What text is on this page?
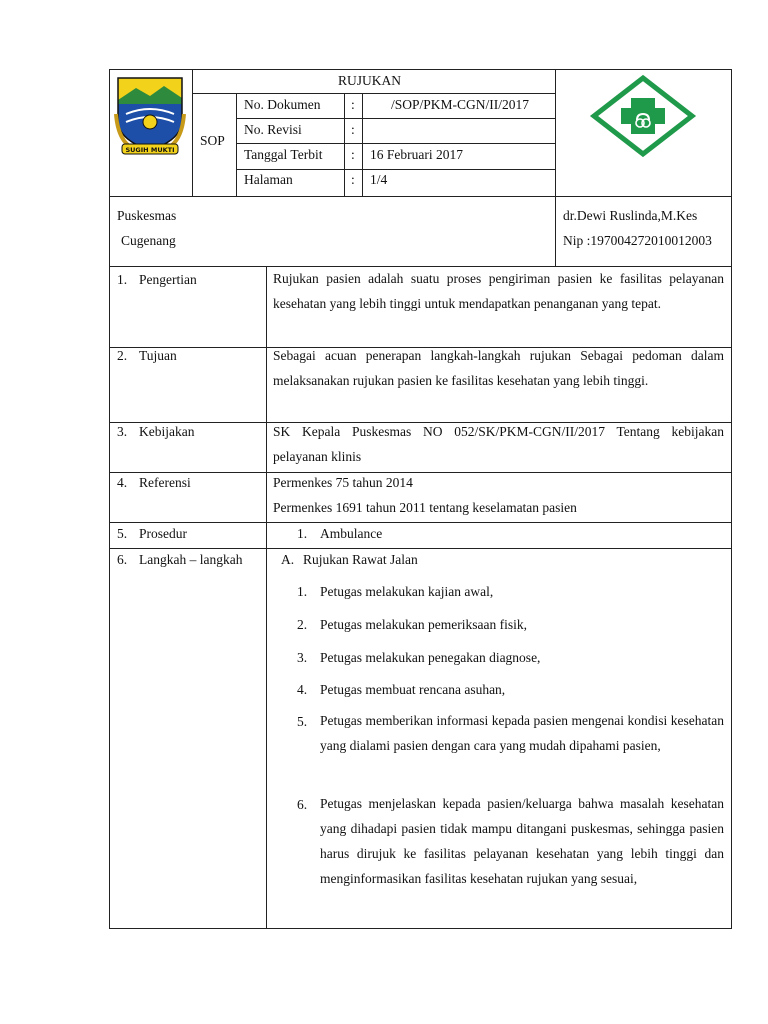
SUGIH MUKTI
RUJUKAN
SOP
No. Dokumen :	/SOP/PKM-CGN/II/2017
No. Revisi	:
Tanggal Terbit : 16 Februari 2017
Halaman	: 1/4
Puskesmas
Cugenang
dr.Dewi Ruslinda,M.Kes
Nip :197004272010012003
1. Pengertian	Rujukan pasien adalah suatu proses pengiriman pasien ke fasilitas pelayanan kesehatan yang lebih tinggi untuk mendapatkan penanganan yang tepat.
2. Tujuan	Sebagai acuan penerapan langkah-langkah rujukan Sebagai pedoman dalam melaksanakan rujukan pasien ke fasilitas kesehatan yang lebih tinggi.
3. Kebijakan	SK Kepala Puskesmas NO 052/SK/PKM-CGN/II/2017 Tentang kebijakan pelayanan klinis
4. Referensi	Permenkes 75 tahun 2014
Permenkes 1691 tahun 2011 tentang keselamatan pasien
5. Prosedur	1. Ambulance
6. Langkah – langkah	A. Rujukan Rawat Jalan
1. Petugas melakukan kajian awal,
2. Petugas melakukan pemeriksaan fisik,
3. Petugas melakukan penegakan diagnose,
4. Petugas membuat rencana asuhan,
5. Petugas memberikan informasi kepada pasien mengenai kondisi kesehatan yang dialami pasien dengan cara yang mudah dipahami pasien,
6. Petugas menjelaskan kepada pasien/keluarga bahwa masalah kesehatan yang dihadapi pasien tidak mampu ditangani puskesmas, sehingga pasien harus dirujuk ke fasilitas pelayanan kesehatan yang lebih tinggi dan menginformasikan fasilitas kesehatan rujukan yang sesuai,
